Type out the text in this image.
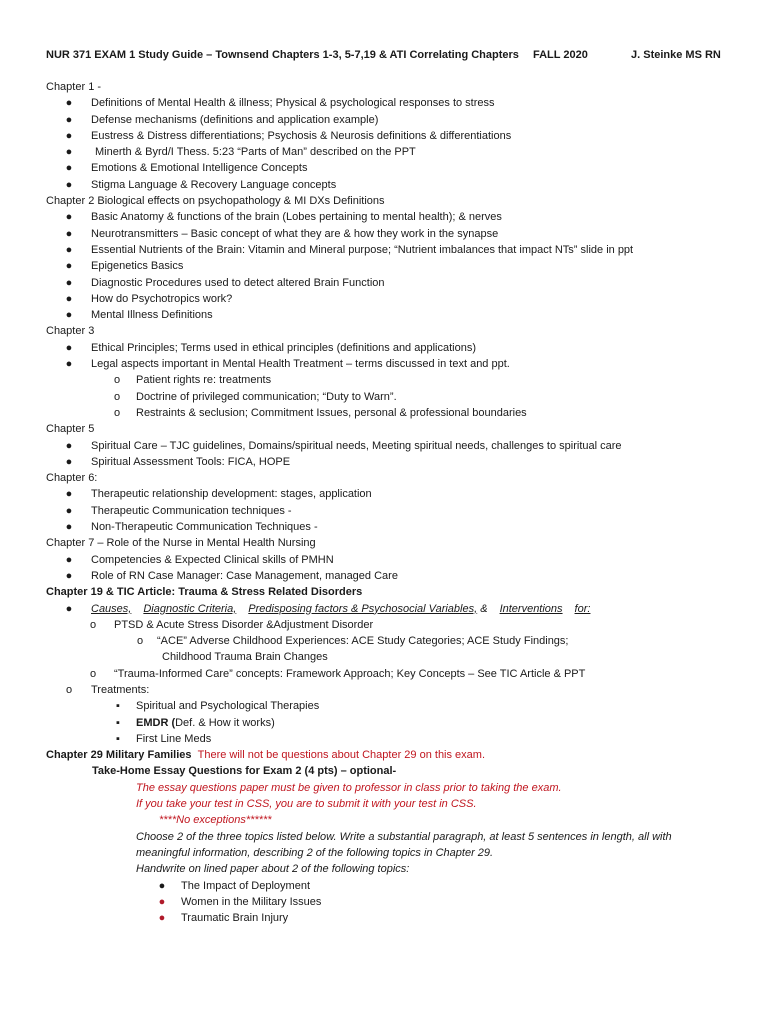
NUR 371 EXAM 1 Study Guide – Townsend Chapters 1-3, 5-7,19 & ATI Correlating Chapters FALL 2020	J. Steinke MS RN
Chapter 1 -
● Definitions of Mental Health & illness; Physical & psychological responses to stress
● Defense mechanisms (definitions and application example)
● Eustress & Distress differentiations; Psychosis & Neurosis definitions & differentiations
● Minerth & Byrd/I Thess. 5:23 “Parts of Man” described on the PPT
● Emotions & Emotional Intelligence Concepts
● Stigma Language & Recovery Language concepts
Chapter 2 Biological effects on psychopathology & MI DXs Definitions
● Basic Anatomy & functions of the brain (Lobes pertaining to mental health); & nerves
● Neurotransmitters – Basic concept of what they are & how they work in the synapse
● Essential Nutrients of the Brain: Vitamin and Mineral purpose; “Nutrient imbalances that impact NTs” slide in ppt
● Epigenetics Basics
● Diagnostic Procedures used to detect altered Brain Function
● How do Psychotropics work?
● Mental Illness Definitions
Chapter 3
● Ethical Principles; Terms used in ethical principles (definitions and applications)
● Legal aspects important in Mental Health Treatment – terms discussed in text and ppt.
o Patient rights re: treatments
o Doctrine of privileged communication; “Duty to Warn”.
o Restraints & seclusion; Commitment Issues, personal & professional boundaries
Chapter 5
● Spiritual Care – TJC guidelines, Domains/spiritual needs, Meeting spiritual needs, challenges to spiritual care
● Spiritual Assessment Tools: FICA, HOPE
Chapter 6:
● Therapeutic relationship development: stages, application
● Therapeutic Communication techniques -
● Non-Therapeutic Communication Techniques -
Chapter 7 – Role of the Nurse in Mental Health Nursing
● Competencies & Expected Clinical skills of PMHN
● Role of RN Case Manager: Case Management, managed Care
Chapter 19 & TIC Article: Trauma & Stress Related Disorders
● Causes, Diagnostic Criteria, Predisposing factors & Psychosocial Variables, & Interventions for:
o PTSD & Acute Stress Disorder &Adjustment Disorder
o “ACE” Adverse Childhood Experiences: ACE Study Categories; ACE Study Findings;
Childhood Trauma Brain Changes
o “Trauma-Informed Care” concepts: Framework Approach; Key Concepts – See TIC Article & PPT
o Treatments:
▪	Spiritual and Psychological Therapies
▪	EMDR (Def. & How it works)
▪	First Line Meds
Chapter 29 Military Families There will not be questions about Chapter 29 on this exam.
Take-Home Essay Questions for Exam 2 (4 pts) – optional-
The essay questions paper must be given to professor in class prior to taking the exam.
If you take your test in CSS, you are to submit it with your test in CSS.
****No exceptions******
Choose 2 of the three topics listed below. Write a substantial paragraph, at least 5 sentences in length, all with
meaningful information, describing 2 of the following topics in Chapter 29.
Handwrite on lined paper about 2 of the following topics:
● The Impact of Deployment
● Women in the Military Issues
● Traumatic Brain Injury
